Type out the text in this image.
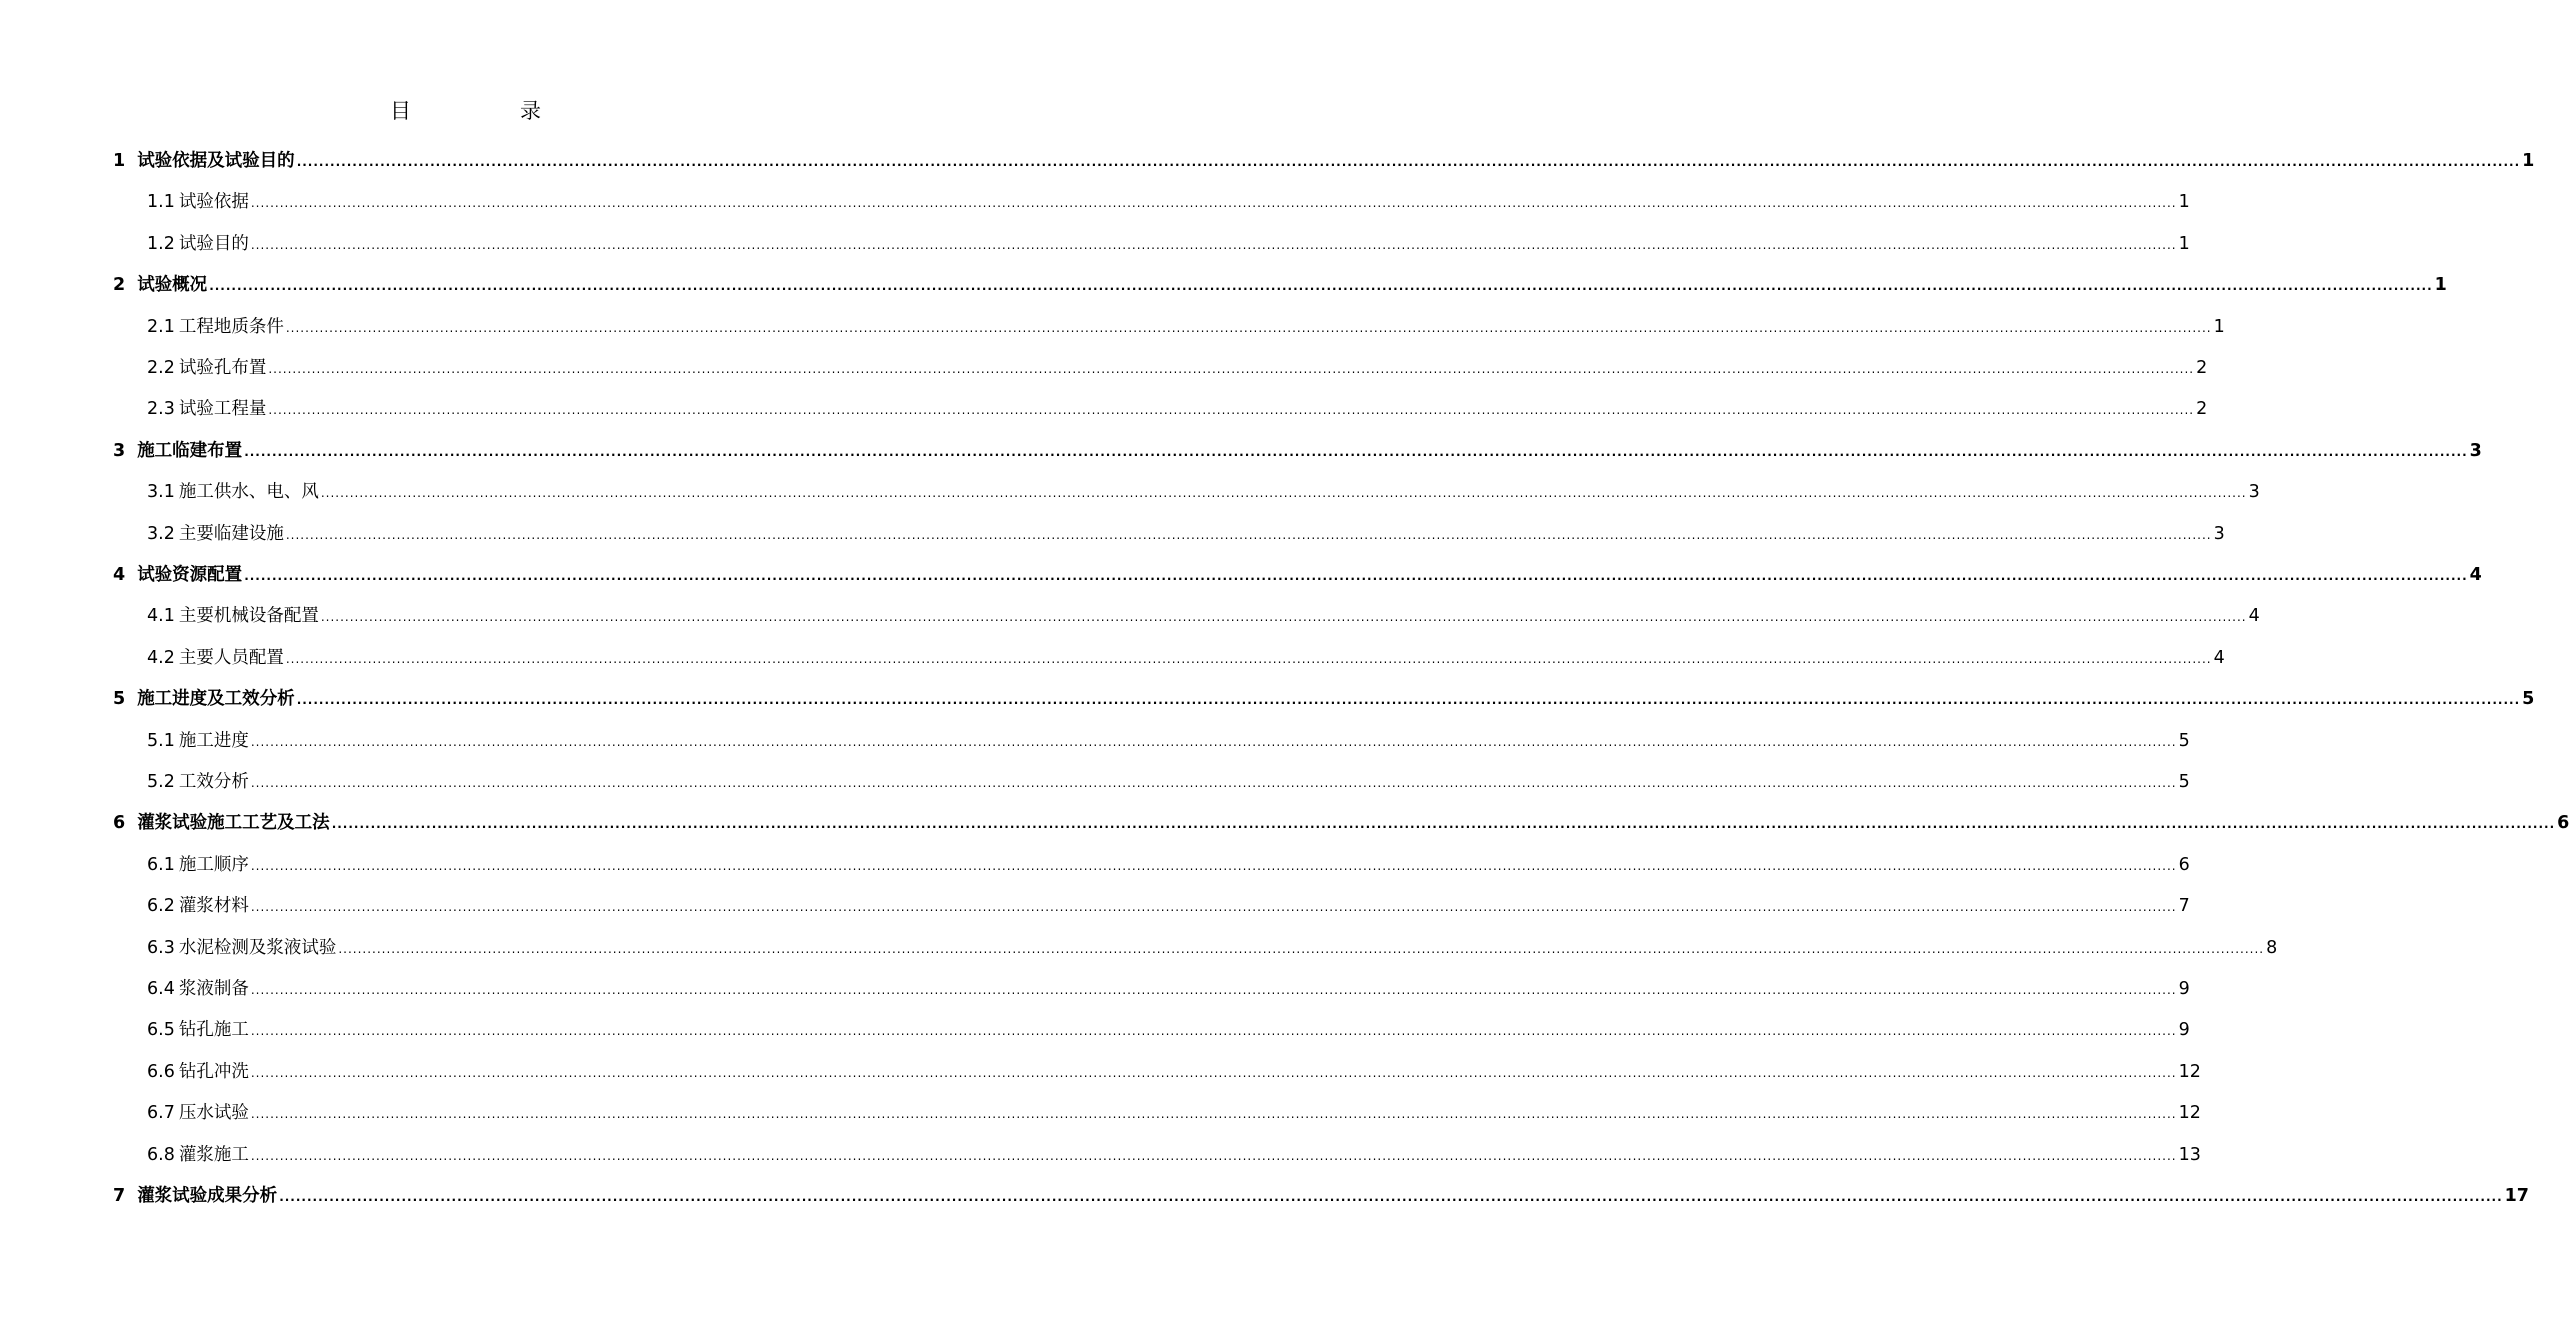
目　录
1 试验依据及试验目的 ................................................................................................................................................................................................................................................................................................................................................................................................................ 1
1.1 试验依据 ................................................................................................................................................................................................................................................................................................................................................................................................................ 1
1.2 试验目的 ................................................................................................................................................................................................................................................................................................................................................................................................................ 1
2 试验概况 ................................................................................................................................................................................................................................................................................................................................................................................................................ 1
2.1 工程地质条件 ................................................................................................................................................................................................................................................................................................................................................................................................................ 1
2.2 试验孔布置 ................................................................................................................................................................................................................................................................................................................................................................................................................ 2
2.3 试验工程量 ................................................................................................................................................................................................................................................................................................................................................................................................................ 2
3 施工临建布置 ................................................................................................................................................................................................................................................................................................................................................................................................................ 3
3.1 施工供水、电、风 ................................................................................................................................................................................................................................................................................................................................................................................................................ 3
3.2 主要临建设施 ................................................................................................................................................................................................................................................................................................................................................................................................................ 3
4 试验资源配置 ................................................................................................................................................................................................................................................................................................................................................................................................................ 4
4.1 主要机械设备配置 ................................................................................................................................................................................................................................................................................................................................................................................................................ 4
4.2 主要人员配置 ................................................................................................................................................................................................................................................................................................................................................................................................................ 4
5 施工进度及工效分析 ................................................................................................................................................................................................................................................................................................................................................................................................................ 5
5.1 施工进度 ................................................................................................................................................................................................................................................................................................................................................................................................................ 5
5.2 工效分析 ................................................................................................................................................................................................................................................................................................................................................................................................................ 5
6 灌浆试验施工工艺及工法 ................................................................................................................................................................................................................................................................................................................................................................................................................ 6
6.1 施工顺序 ................................................................................................................................................................................................................................................................................................................................................................................................................ 6
6.2 灌浆材料 ................................................................................................................................................................................................................................................................................................................................................................................................................ 7
6.3 水泥检测及浆液试验 ................................................................................................................................................................................................................................................................................................................................................................................................................ 8
6.4 浆液制备 ................................................................................................................................................................................................................................................................................................................................................................................................................ 9
6.5 钻孔施工 ................................................................................................................................................................................................................................................................................................................................................................................................................ 9
6.6 钻孔冲洗 ................................................................................................................................................................................................................................................................................................................................................................................................................ 12
6.7 压水试验 ................................................................................................................................................................................................................................................................................................................................................................................................................ 12
6.8 灌浆施工 ................................................................................................................................................................................................................................................................................................................................................................................................................ 13
7 灌浆试验成果分析 ................................................................................................................................................................................................................................................................................................................................................................................................................ 17
